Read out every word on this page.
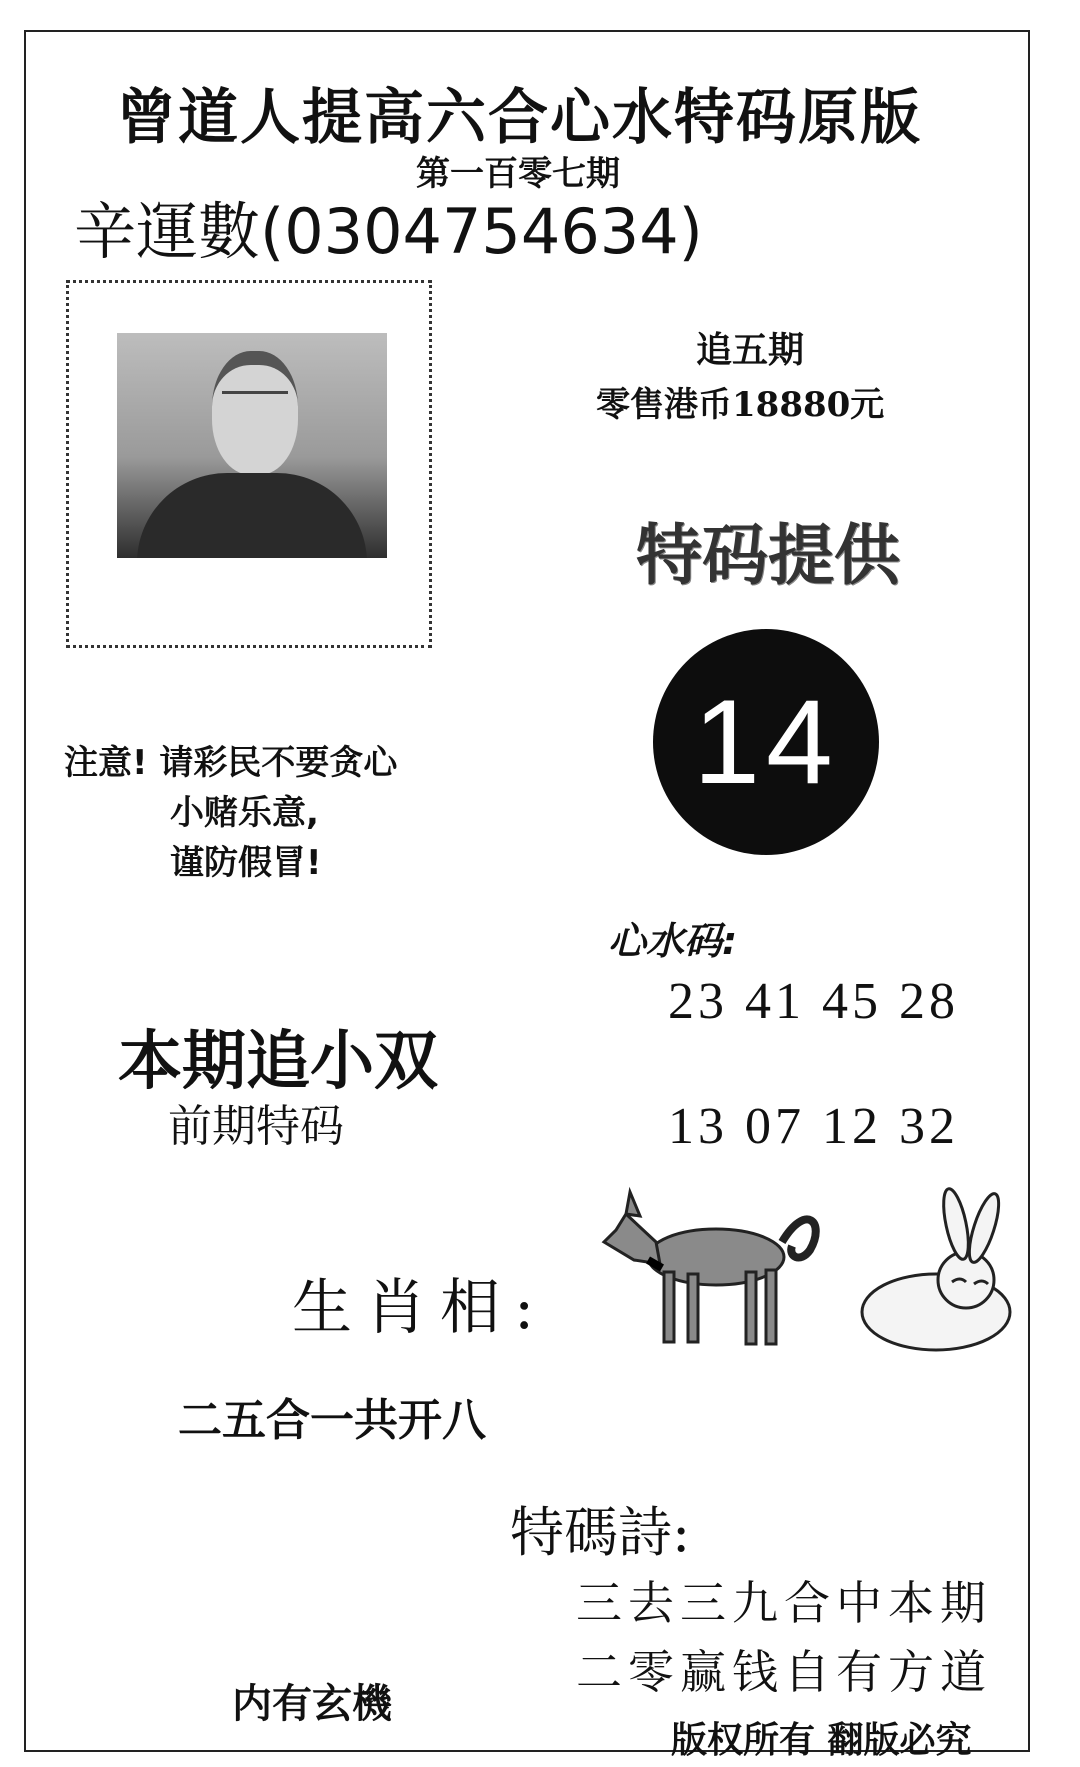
曾道人提高六合心水特码原版
第一百零七期
辛運數(0304754634)
追五期
零售港币18880元
特码提供
14
注意! 请彩民不要贪心
小赌乐意,
谨防假冒!
心水码:
23 41 45 28
13 07 12 32
本期追小双
前期特码
生肖相:
二五合一共开八
特碼詩:
三去三九合中本期
二零赢钱自有方道
内有玄機
版权所有 翻版必究
